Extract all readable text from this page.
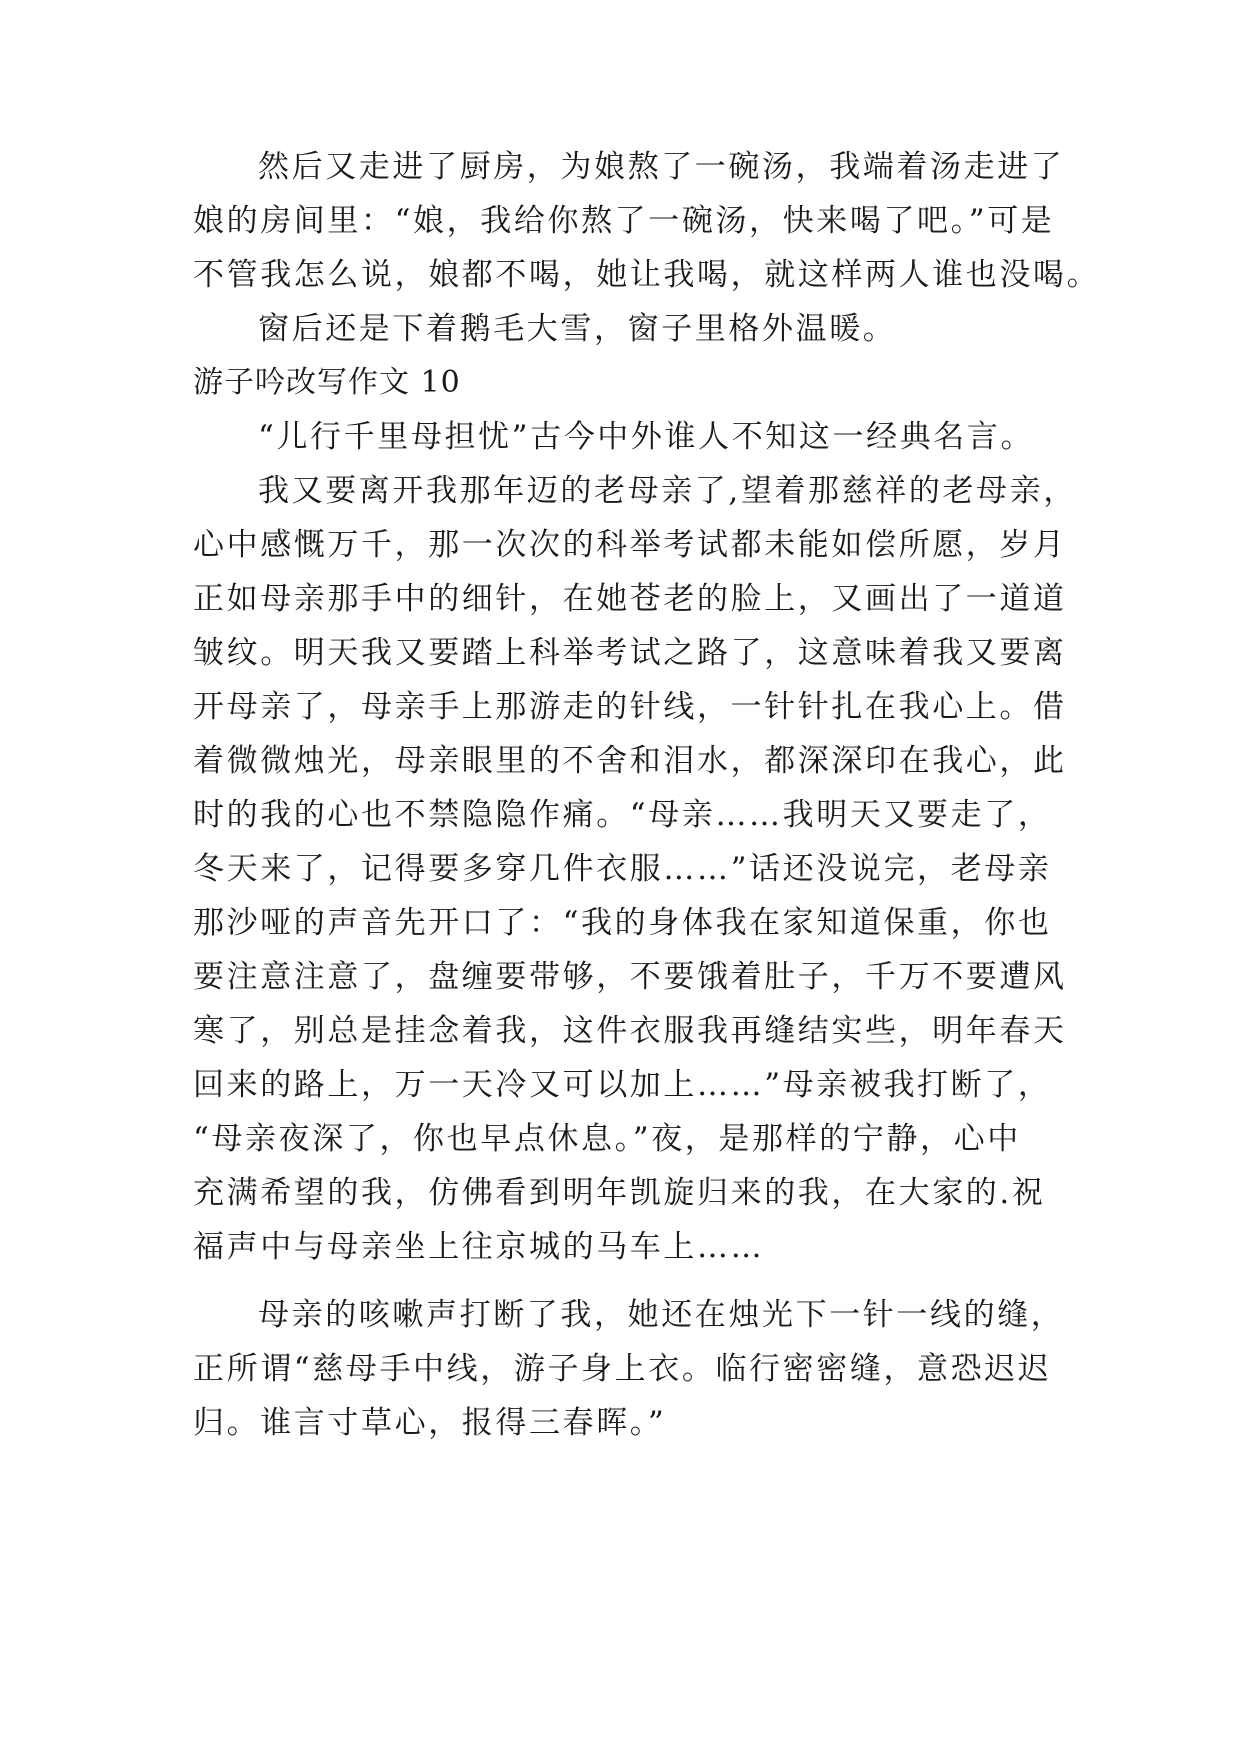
然后又走进了厨房，为娘熬了一碗汤，我端着汤走进了
娘的房间里：“娘，我给你熬了一碗汤，快来喝了吧。”可是
不管我怎么说，娘都不喝，她让我喝，就这样两人谁也没喝。
窗后还是下着鹅毛大雪，窗子里格外温暖。
游子吟改写作文 10
“儿行千里母担忧”古今中外谁人不知这一经典名言。
我又要离开我那年迈的老母亲了,望着那慈祥的老母亲，
心中感慨万千，那一次次的科举考试都未能如偿所愿，岁月
正如母亲那手中的细针，在她苍老的脸上，又画出了一道道
皱纹。明天我又要踏上科举考试之路了，这意味着我又要离
开母亲了，母亲手上那游走的针线，一针针扎在我心上。借
着微微烛光，母亲眼里的不舍和泪水，都深深印在我心，此
时的我的心也不禁隐隐作痛。“母亲……我明天又要走了，
冬天来了，记得要多穿几件衣服……”话还没说完，老母亲
那沙哑的声音先开口了：“我的身体我在家知道保重，你也
要注意注意了，盘缠要带够，不要饿着肚子，千万不要遭风
寒了，别总是挂念着我，这件衣服我再缝结实些，明年春天
回来的路上，万一天冷又可以加上……”母亲被我打断了，
“母亲夜深了，你也早点休息。”夜，是那样的宁静，心中
充满希望的我，仿佛看到明年凯旋归来的我，在大家的.祝
福声中与母亲坐上往京城的马车上……
母亲的咳嗽声打断了我，她还在烛光下一针一线的缝，
正所谓“慈母手中线，游子身上衣。临行密密缝，意恐迟迟
归。谁言寸草心，报得三春晖。”
